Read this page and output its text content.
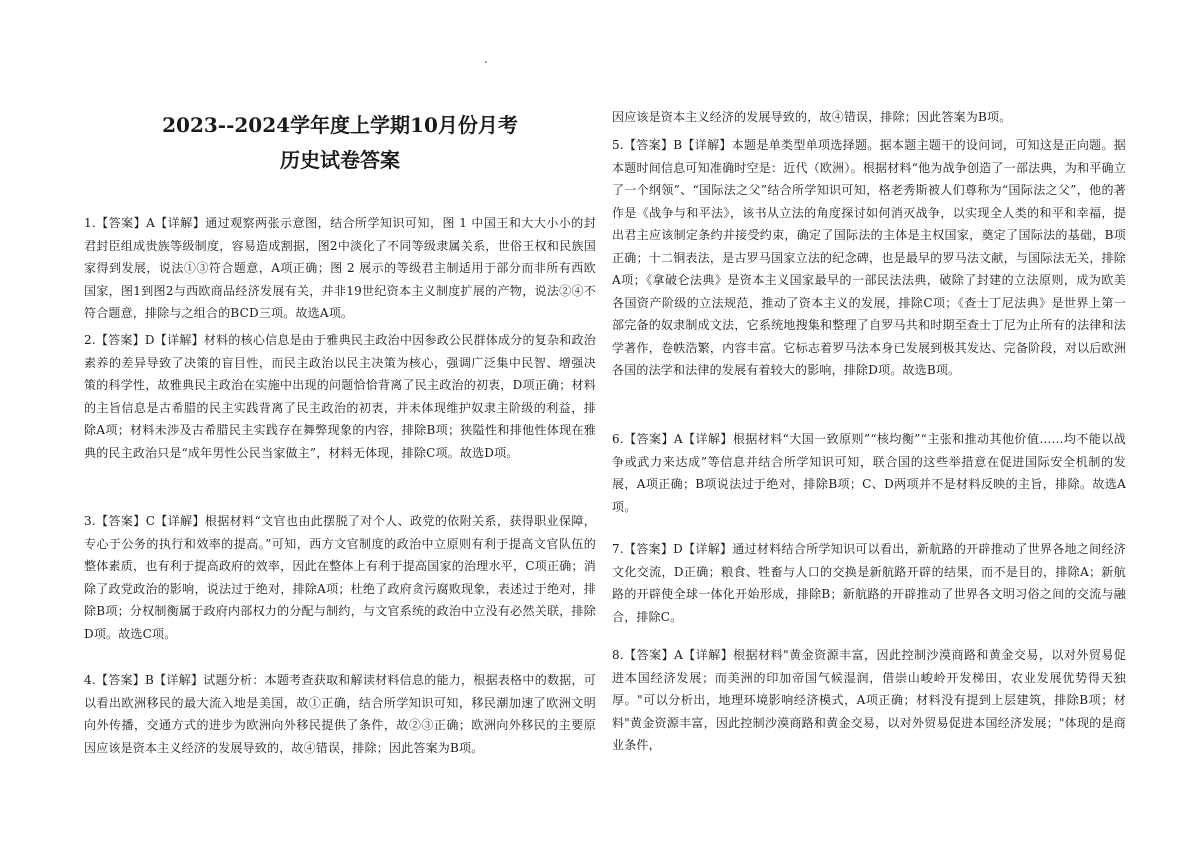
.
2023--2024学年度上学期10月份月考
历史试卷答案

1.【答案】A【详解】通过观察两张示意图，结合所学知识可知，图 1 中国王和大大小小的封君封臣组成贵族等级制度，容易造成割据，图2中淡化了不同等级隶属关系，世俗王权和民族国家得到发展，说法①③符合题意，A项正确；图 2 展示的等级君主制适用于部分而非所有西欧国家，图1到图2与西欧商品经济发展有关，并非19世纪资本主义制度扩展的产物，说法②④不符合题意，排除与之组合的BCD三项。故选A项。

2.【答案】D【详解】材料的核心信息是由于雅典民主政治中因参政公民群体成分的复杂和政治素养的差异导致了决策的盲目性，而民主政治以民主决策为核心，强调广泛集中民智、增强决策的科学性，故雅典民主政治在实施中出现的问题恰恰背离了民主政治的初衷，D项正确；材料的主旨信息是古希腊的民主实践背离了民主政治的初衷，并未体现维护奴隶主阶级的利益，排除A项；材料未涉及古希腊民主实践存在舞弊现象的内容，排除B项；狭隘性和排他性体现在雅典的民主政治只是“成年男性公民当家做主”，材料无体现，排除C项。故选D项。

3.【答案】C【详解】根据材料“文官也由此摆脱了对个人、政党的依附关系，获得职业保障，专心于公务的执行和效率的提高。”可知，西方文官制度的政治中立原则有利于提高文官队伍的整体素质，也有利于提高政府的效率，因此在整体上有利于提高国家的治理水平，C项正确；消除了政党政治的影响，说法过于绝对，排除A项；杜绝了政府贪污腐败现象，表述过于绝对，排除B项；分权制衡属于政府内部权力的分配与制约，与文官系统的政治中立没有必然关联，排除D项。故选C项。

4.【答案】B【详解】试题分析：本题考查获取和解读材料信息的能力，根据表格中的数据，可以看出欧洲移民的最大流入地是美国，故①正确，结合所学知识可知，移民潮加速了欧洲文明向外传播，交通方式的进步为欧洲向外移民提供了条件，故②③正确；欧洲向外移民的主要原因应该是资本主义经济的发展导致的，故④错误，排除；因此答案为B项。

因应该是资本主义经济的发展导致的，故④错误，排除；因此答案为B项。

5.【答案】B【详解】本题是单类型单项选择题。据本题主题干的设问词，可知这是正向题。据本题时间信息可知准确时空是：近代（欧洲）。根据材料“他为战争创造了一部法典，为和平确立了一个纲领”、“国际法之父”结合所学知识可知，格老秀斯被人们尊称为“国际法之父”，他的著作是《战争与和平法》，该书从立法的角度探讨如何消灭战争，以实现全人类的和平和幸福，提出君主应该制定条约并接受约束，确定了国际法的主体是主权国家，奠定了国际法的基础，B项正确；十二铜表法，是古罗马国家立法的纪念碑，也是最早的罗马法文献，与国际法无关，排除A项；《拿破仑法典》是资本主义国家最早的一部民法法典，破除了封建的立法原则，成为欧美各国资产阶级的立法规范，推动了资本主义的发展，排除C项；《查士丁尼法典》是世界上第一部完备的奴隶制成文法，它系统地搜集和整理了自罗马共和时期至查士丁尼为止所有的法律和法学著作，卷帙浩繁，内容丰富。它标志着罗马法本身已发展到极其发达、完备阶段，对以后欧洲各国的法学和法律的发展有着较大的影响，排除D项。故选B项。

6.【答案】A【详解】根据材料“大国一致原则”“核均衡”“主张和推动其他价值……均不能以战争或武力来达成”等信息并结合所学知识可知，联合国的这些举措意在促进国际安全机制的发展，A项正确；B项说法过于绝对，排除B项；C、D两项并不是材料反映的主旨，排除。故选A项。

7.【答案】D【详解】通过材料结合所学知识可以看出，新航路的开辟推动了世界各地之间经济文化交流，D正确；粮食、牲畜与人口的交换是新航路开辟的结果，而不是目的，排除A；新航路的开辟使全球一体化开始形成，排除B；新航路的开辟推动了世界各文明习俗之间的交流与融合，排除C。

8.【答案】A【详解】根据材料"黄金资源丰富，因此控制沙漠商路和黄金交易，以对外贸易促进本国经济发展；而美洲的印加帝国气候湿润，借崇山峻岭开发梯田，农业发展优势得天独厚。"可以分析出，地理环境影响经济模式，A项正确；材料没有提到上层建筑，排除B项；材料"黄金资源丰富，因此控制沙漠商路和黄金交易，以对外贸易促进本国经济发展；"体现的是商业条件，
